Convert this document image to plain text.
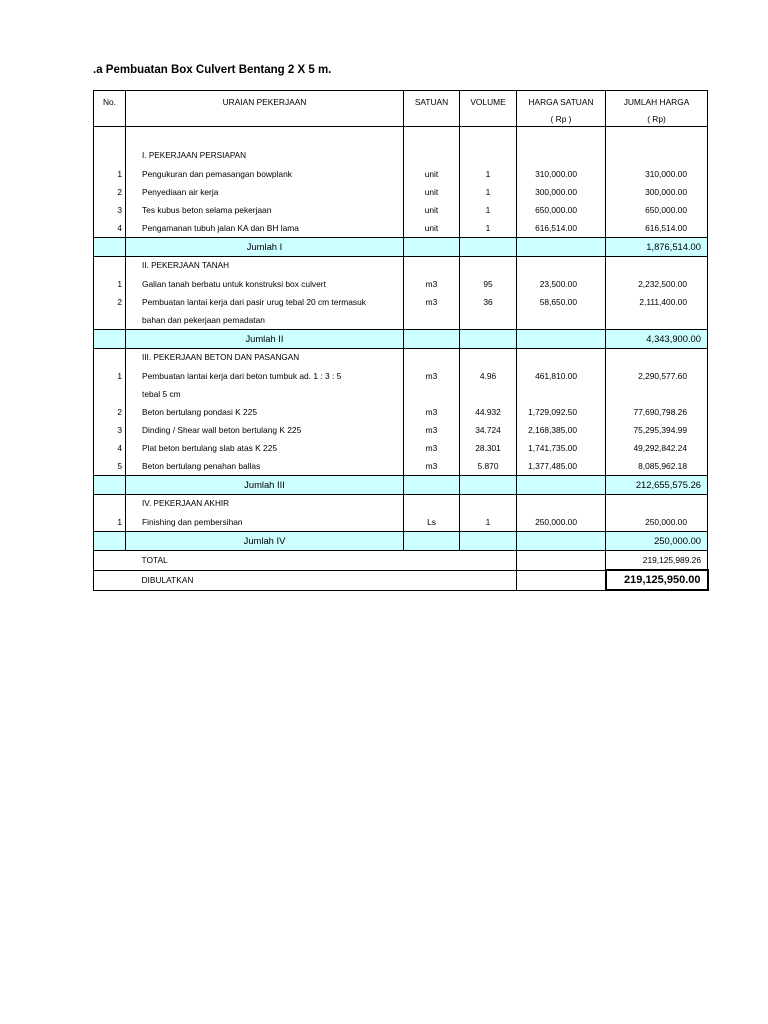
.a Pembuatan Box Culvert Bentang 2 X 5 m.
No.	URAIAN PEKERJAAN	SATUAN	VOLUME	HARGA SATUAN	JUMLAH HARGA
				( Rp )	( Rp)

	I. PEKERJAAN PERSIAPAN				
1	Pengukuran dan pemasangan bowplank	unit	1	310,000.00	310,000.00
2	Penyediaan air kerja	unit	1	300,000.00	300,000.00
3	Tes kubus beton selama pekerjaan	unit	1	650,000.00	650,000.00
4	Pengamanan tubuh jalan KA dan BH lama	unit	1	616,514.00	616,514.00
	Jumlah I				1,876,514.00
	II. PEKERJAAN TANAH				
1	Galian tanah berbatu untuk konstruksi box culvert	m3	95	23,500.00	2,232,500.00
2	Pembuatan lantai kerja dari pasir urug tebal 20 cm termasuk	m3	36	58,650.00	2,111,400.00
	bahan dan pekerjaan pemadatan				
	Jumlah II				4,343,900.00
	III. PEKERJAAN BETON DAN PASANGAN				
1	Pembuatan lantai kerja dari beton tumbuk ad. 1 : 3 : 5	m3	4.96	461,810.00	2,290,577.60
	tebal 5 cm				
2	Beton bertulang pondasi K 225	m3	44.932	1,729,092.50	77,690,798.26
3	Dinding / Shear wall beton bertulang K 225	m3	34.724	2,168,385.00	75,295,394.99
4	Plat beton bertulang slab atas K 225	m3	28.301	1,741,735.00	49,292,842.24
5	Beton bertulang penahan ballas	m3	5.870	1,377,485.00	8,085,962.18
	Jumlah III				212,655,575.26
	IV. PEKERJAAN AKHIR				
1	Finishing dan pembersihan	Ls	1	250,000.00	250,000.00
	Jumlah IV				250,000.00
	TOTAL				219,125,989.26
	DIBULATKAN				219,125,950.00
